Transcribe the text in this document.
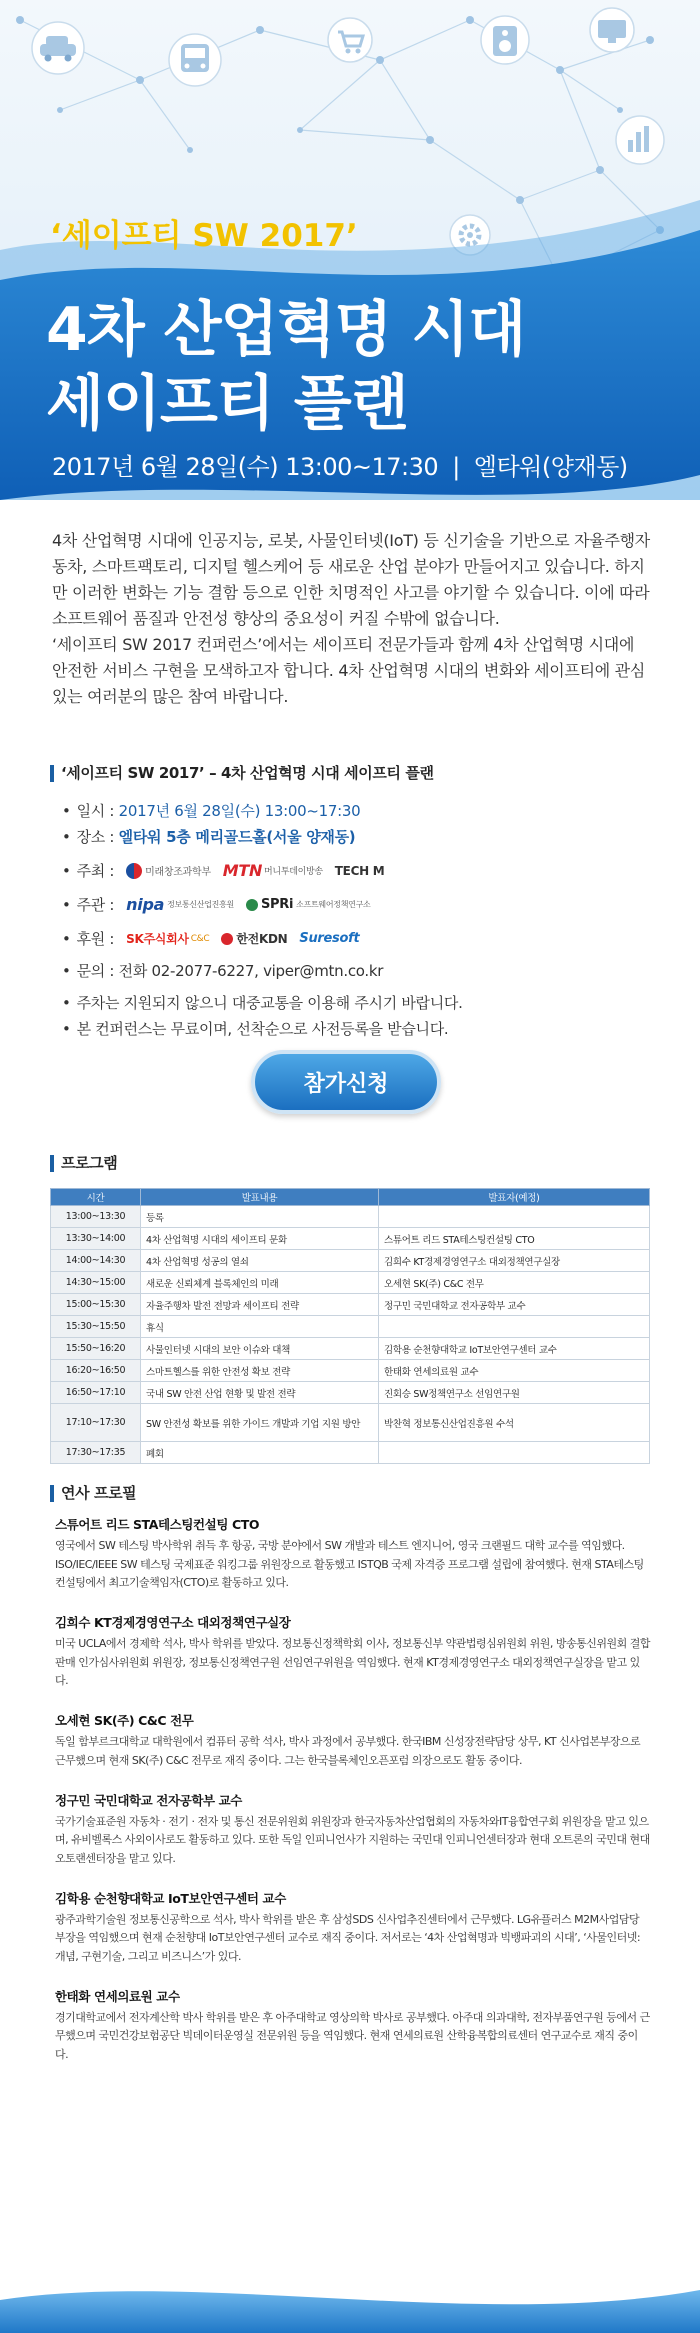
‘세이프티 SW 2017’
4차 산업혁명 시대
세이프티 플랜
2017년 6월 28일(수) 13:00~17:30 | 엘타워(양재동)

4차 산업혁명 시대에 인공지능, 로봇, 사물인터넷(IoT) 등 신기술을 기반으로 자율주행자동차, 스마트팩토리, 디지털 헬스케어 등 새로운 산업 분야가 만들어지고 있습니다. 하지만 이러한 변화는 기능 결함 등으로 인한 치명적인 사고를 야기할 수 있습니다. 이에 따라 소프트웨어 품질과 안전성 향상의 중요성이 커질 수밖에 없습니다.

‘세이프티 SW 2017 컨퍼런스’에서는 세이프티 전문가들과 함께 4차 산업혁명 시대에 안전한 서비스 구현을 모색하고자 합니다. 4차 산업혁명 시대의 변화와 세이프티에 관심 있는 여러분의 많은 참여 바랍니다.

‘세이프티 SW 2017’ – 4차 산업혁명 시대 세이프티 플랜
• 일시 :
2017년 6월 28일(수) 13:00~17:30
• 장소 :
엘타워 5층 메리골드홀(서울 양재동)
• 주최 :	미래창조과학부 MTN 머니투데이방송 TECH M
• 주관 : nipa 정보통신산업진흥원 SPRi 소프트웨어정책연구소
• 후원 : SK주식회사 C&C 한전KDN Suresoft
• 문의 :
전화 02-2077-6227, viper@mtn.co.kr
• 주차는 지원되지 않으니 대중교통을 이용해 주시기 바랍니다.
• 본 컨퍼런스는 무료이며, 선착순으로 사전등록을 받습니다.
참가신청
프로그램
시간	발표내용	발표자(예정)
13:00~13:30	등록	
13:30~14:00	4차 산업혁명 시대의 세이프티 문화	스튜어트 리드 STA테스팅컨설팅 CTO
14:00~14:30	4차 산업혁명 성공의 열쇠	김희수 KT경제경영연구소 대외정책연구실장
14:30~15:00	새로운 신뢰체계 블록체인의 미래	오세현 SK(주) C&C 전무
15:00~15:30	자율주행차 발전 전망과 세이프티 전략	정구민 국민대학교 전자공학부 교수
15:30~15:50	휴식	
15:50~16:20	사물인터넷 시대의 보안 이슈와 대책	김학용 순천향대학교 IoT보안연구센터 교수
16:20~16:50	스마트헬스를 위한 안전성 확보 전략	한태화 연세의료원 교수
16:50~17:10	국내 SW 안전 산업 현황 및 발전 전략	진회승 SW정책연구소 선임연구원
17:10~17:30	SW 안전성 확보를 위한 가이드 개발과 기업 지원 방안	박찬혁 정보통신산업진흥원 수석
17:30~17:35	폐회	
연사 프로필
스튜어트 리드 STA테스팅컨설팅 CTO
영국에서 SW 테스팅 박사학위 취득 후 항공, 국방 분야에서 SW 개발과 테스트 엔지니어, 영국 크랜필드 대학 교수를 역임했다. ISO/IEC/IEEE SW 테스팅 국제표준 워킹그룹 위원장으로 활동했고 ISTQB 국제 자격증 프로그램 설립에 참여했다. 현재 STA테스팅컨설팅에서 최고기술책임자(CTO)로 활동하고 있다.
김희수 KT경제경영연구소 대외정책연구실장
미국 UCLA에서 경제학 석사, 박사 학위를 받았다. 정보통신정책학회 이사, 정보통신부 약관법령심위원회 위원, 방송통신위원회 결합판매 인가심사위원회 위원장, 정보통신정책연구원 선임연구위원을 역임했다. 현재 KT경제경영연구소 대외정책연구실장을 맡고 있다.
오세현 SK(주) C&C 전무
독일 함부르크대학교 대학원에서 컴퓨터 공학 석사, 박사 과정에서 공부했다. 한국IBM 신성장전략담당 상무, KT 신사업본부장으로 근무했으며 현재 SK(주) C&C 전무로 재직 중이다. 그는 한국블록체인오픈포럼 의장으로도 활동 중이다.
정구민 국민대학교 전자공학부 교수
국가기술표준원 자동차 · 전기 · 전자 및 통신 전문위원회 위원장과 한국자동차산업협회의 자동차와IT융합연구회 위원장을 맡고 있으며, 유비벨록스 사외이사로도 활동하고 있다. 또한 독일 인피니언사가 지원하는 국민대 인피니언센터장과 현대 오트론의 국민대 현대오토랜센터장을 맡고 있다.
김학용 순천향대학교 IoT보안연구센터 교수
광주과학기술원 정보통신공학으로 석사, 박사 학위를 받은 후 삼성SDS 신사업추진센터에서 근무했다. LG유플러스 M2M사업담당 부장을 역임했으며 현재 순천향대 IoT보안연구센터 교수로 재직 중이다. 저서로는 ‘4차 산업혁명과 빅뱅파괴의 시대’, ‘사물인터넷: 개념, 구현기술, 그리고 비즈니스’가 있다.
한태화 연세의료원 교수
경기대학교에서 전자계산학 박사 학위를 받은 후 아주대학교 영상의학 박사로 공부했다. 아주대 의과대학, 전자부품연구원 등에서 근무했으며 국민건강보험공단 빅데이터운영실 전문위원 등을 역임했다. 현재 연세의료원 산학융복합의료센터 연구교수로 재직 중이다.
